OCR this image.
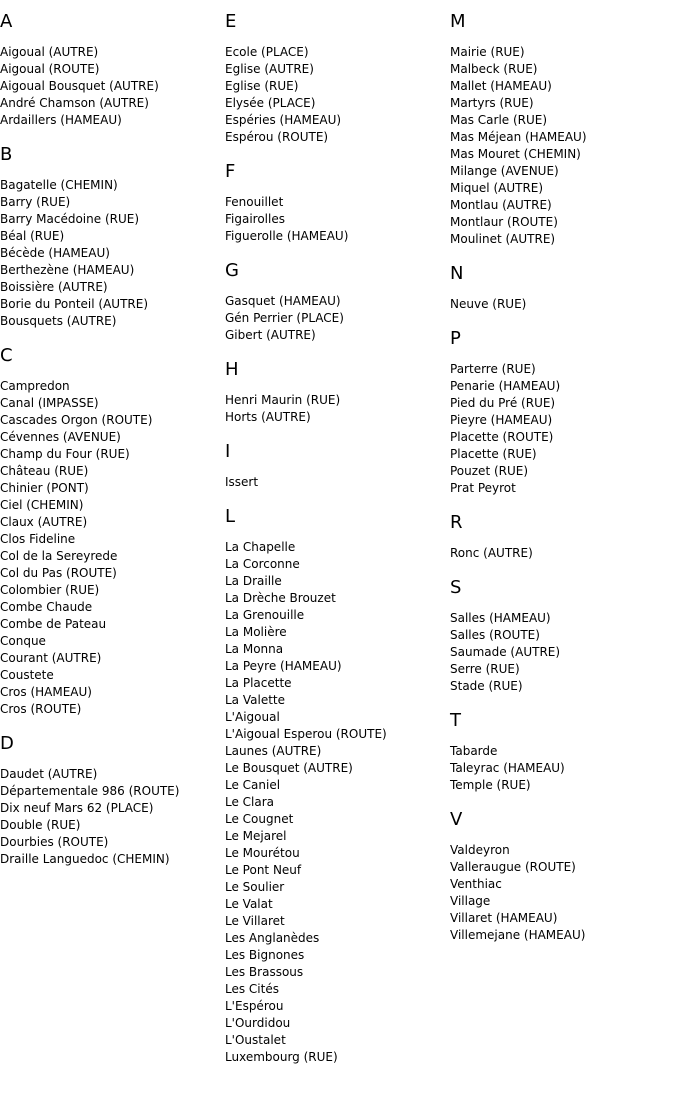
A
Aigoual (AUTRE)
Aigoual (ROUTE)
Aigoual Bousquet (AUTRE)
André Chamson (AUTRE)
Ardaillers (HAMEAU)
B
Bagatelle (CHEMIN)
Barry (RUE)
Barry Macédoine (RUE)
Béal (RUE)
Bécède (HAMEAU)
Berthezène (HAMEAU)
Boissière (AUTRE)
Borie du Ponteil (AUTRE)
Bousquets (AUTRE)
C
Campredon
Canal (IMPASSE)
Cascades Orgon (ROUTE)
Cévennes (AVENUE)
Champ du Four (RUE)
Château (RUE)
Chinier (PONT)
Ciel (CHEMIN)
Claux (AUTRE)
Clos Fideline
Col de la Sereyrede
Col du Pas (ROUTE)
Colombier (RUE)
Combe Chaude
Combe de Pateau
Conque
Courant (AUTRE)
Coustete
Cros (HAMEAU)
Cros (ROUTE)
D
Daudet (AUTRE)
Départementale 986 (ROUTE)
Dix neuf Mars 62 (PLACE)
Double (RUE)
Dourbies (ROUTE)
Draille Languedoc (CHEMIN)
E
Ecole (PLACE)
Eglise (AUTRE)
Eglise (RUE)
Elysée (PLACE)
Espéries (HAMEAU)
Espérou (ROUTE)
F
Fenouillet
Figairolles
Figuerolle (HAMEAU)
G
Gasquet (HAMEAU)
Gén Perrier (PLACE)
Gibert (AUTRE)
H
Henri Maurin (RUE)
Horts (AUTRE)
I
Issert
L
La Chapelle
La Corconne
La Draille
La Drèche Brouzet
La Grenouille
La Molière
La Monna
La Peyre (HAMEAU)
La Placette
La Valette
L'Aigoual
L'Aigoual Esperou (ROUTE)
Launes (AUTRE)
Le Bousquet (AUTRE)
Le Caniel
Le Clara
Le Cougnet
Le Mejarel
Le Mourétou
Le Pont Neuf
Le Soulier
Le Valat
Le Villaret
Les Anglanèdes
Les Bignones
Les Brassous
Les Cités
L'Espérou
L'Ourdidou
L'Oustalet
Luxembourg (RUE)
M
Mairie (RUE)
Malbeck (RUE)
Mallet (HAMEAU)
Martyrs (RUE)
Mas Carle (RUE)
Mas Méjean (HAMEAU)
Mas Mouret (CHEMIN)
Milange (AVENUE)
Miquel (AUTRE)
Montlau (AUTRE)
Montlaur (ROUTE)
Moulinet (AUTRE)
N
Neuve (RUE)
P
Parterre (RUE)
Penarie (HAMEAU)
Pied du Pré (RUE)
Pieyre (HAMEAU)
Placette (ROUTE)
Placette (RUE)
Pouzet (RUE)
Prat Peyrot
R
Ronc (AUTRE)
S
Salles (HAMEAU)
Salles (ROUTE)
Saumade (AUTRE)
Serre (RUE)
Stade (RUE)
T
Tabarde
Taleyrac (HAMEAU)
Temple (RUE)
V
Valdeyron
Valleraugue (ROUTE)
Venthiac
Village
Villaret (HAMEAU)
Villemejane (HAMEAU)
